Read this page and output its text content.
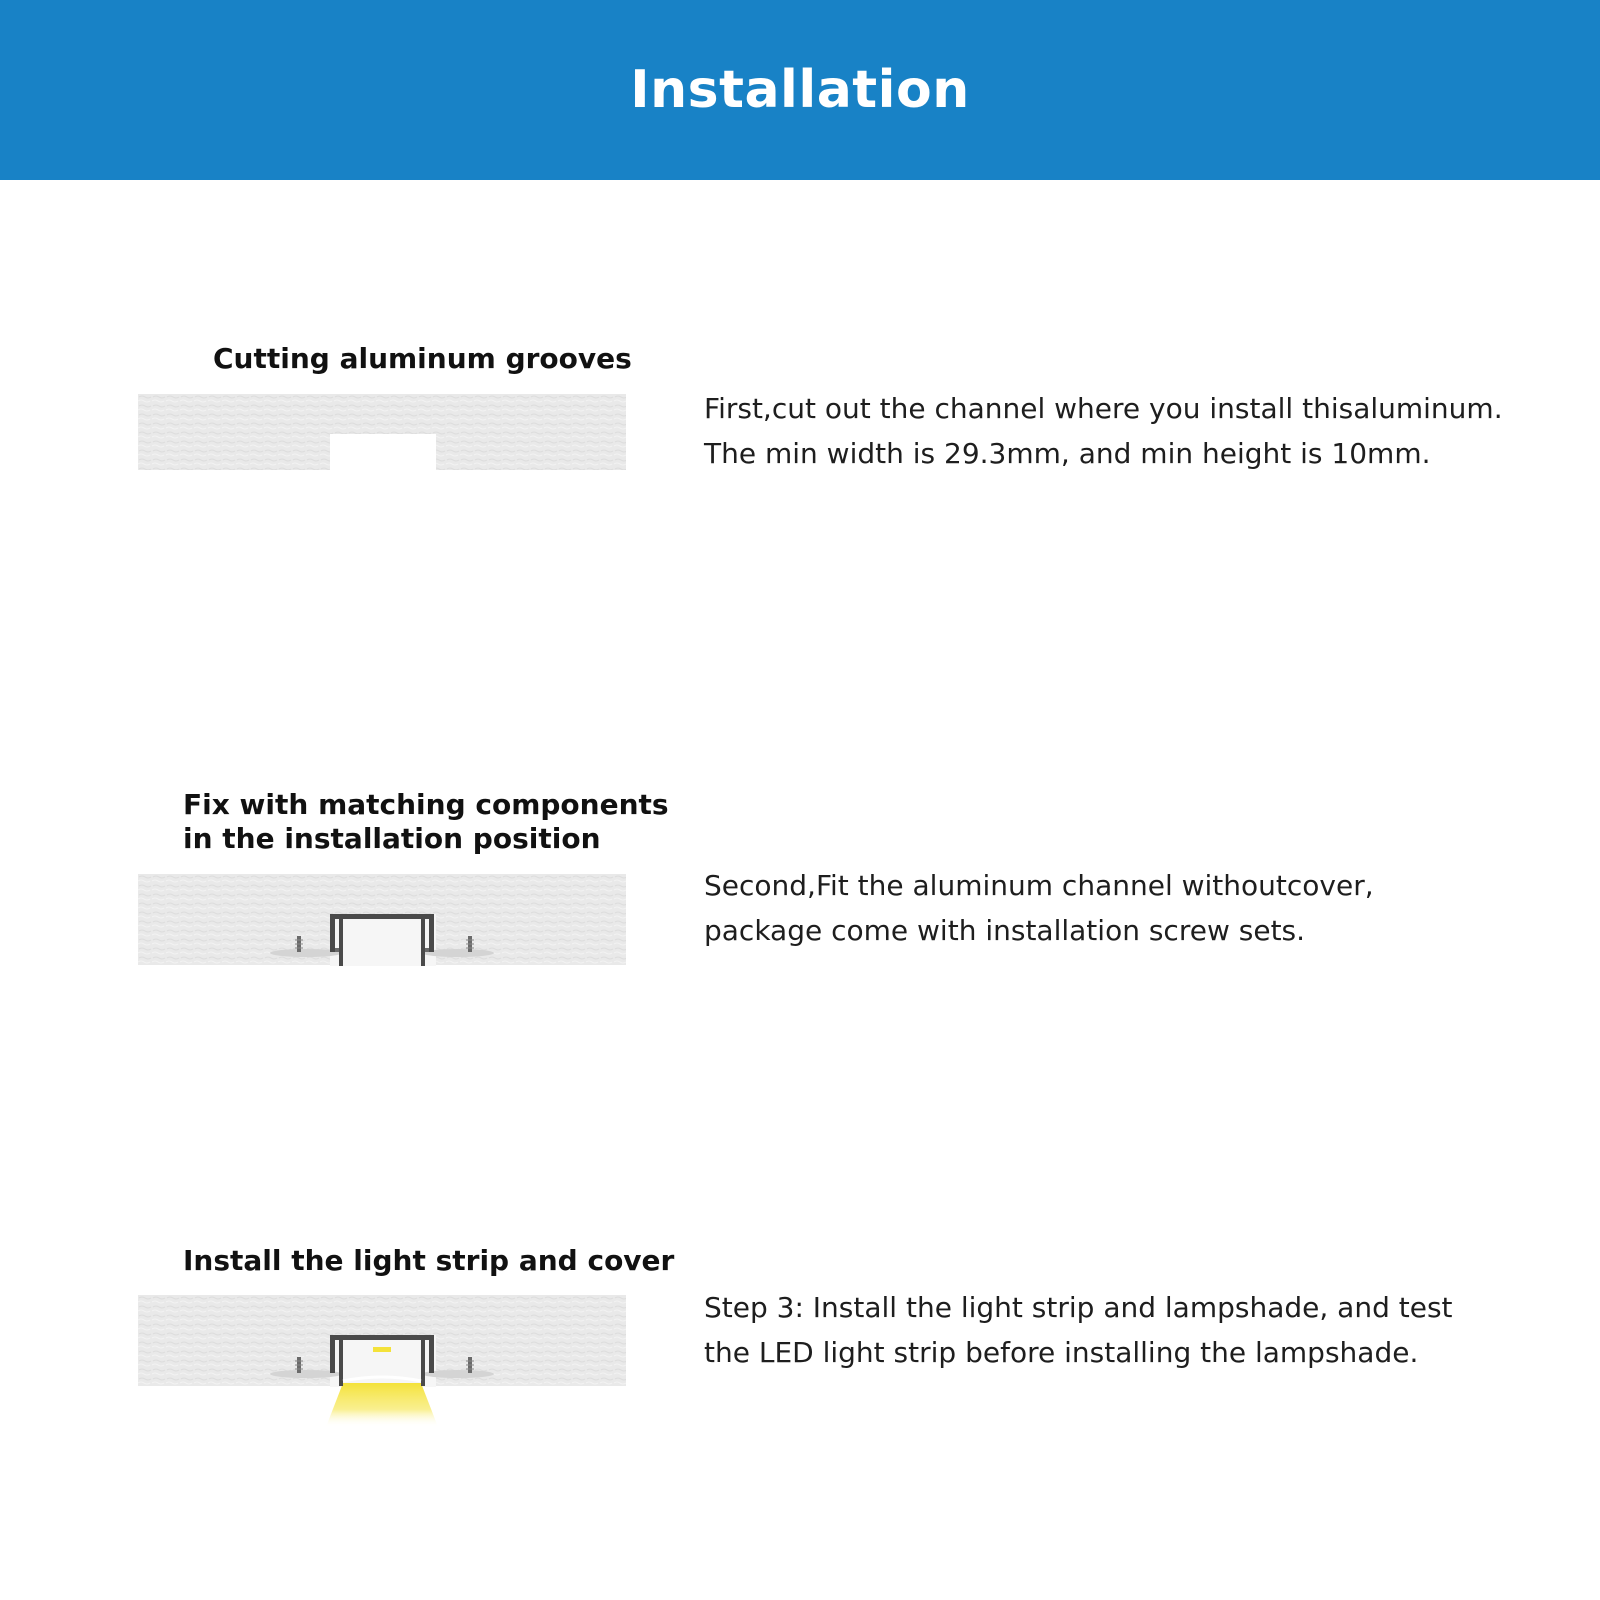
Installation
Cutting aluminum grooves

First,cut out the channel where you install thisaluminum.
The min width is 29.3mm, and min height is 10mm.

Fix with matching components
in the installation position

Second,Fit the aluminum channel withoutcover,
package come with installation screw sets.

Install the light strip and cover

Step 3: Install the light strip and lampshade, and test
the LED light strip before installing the lampshade.
